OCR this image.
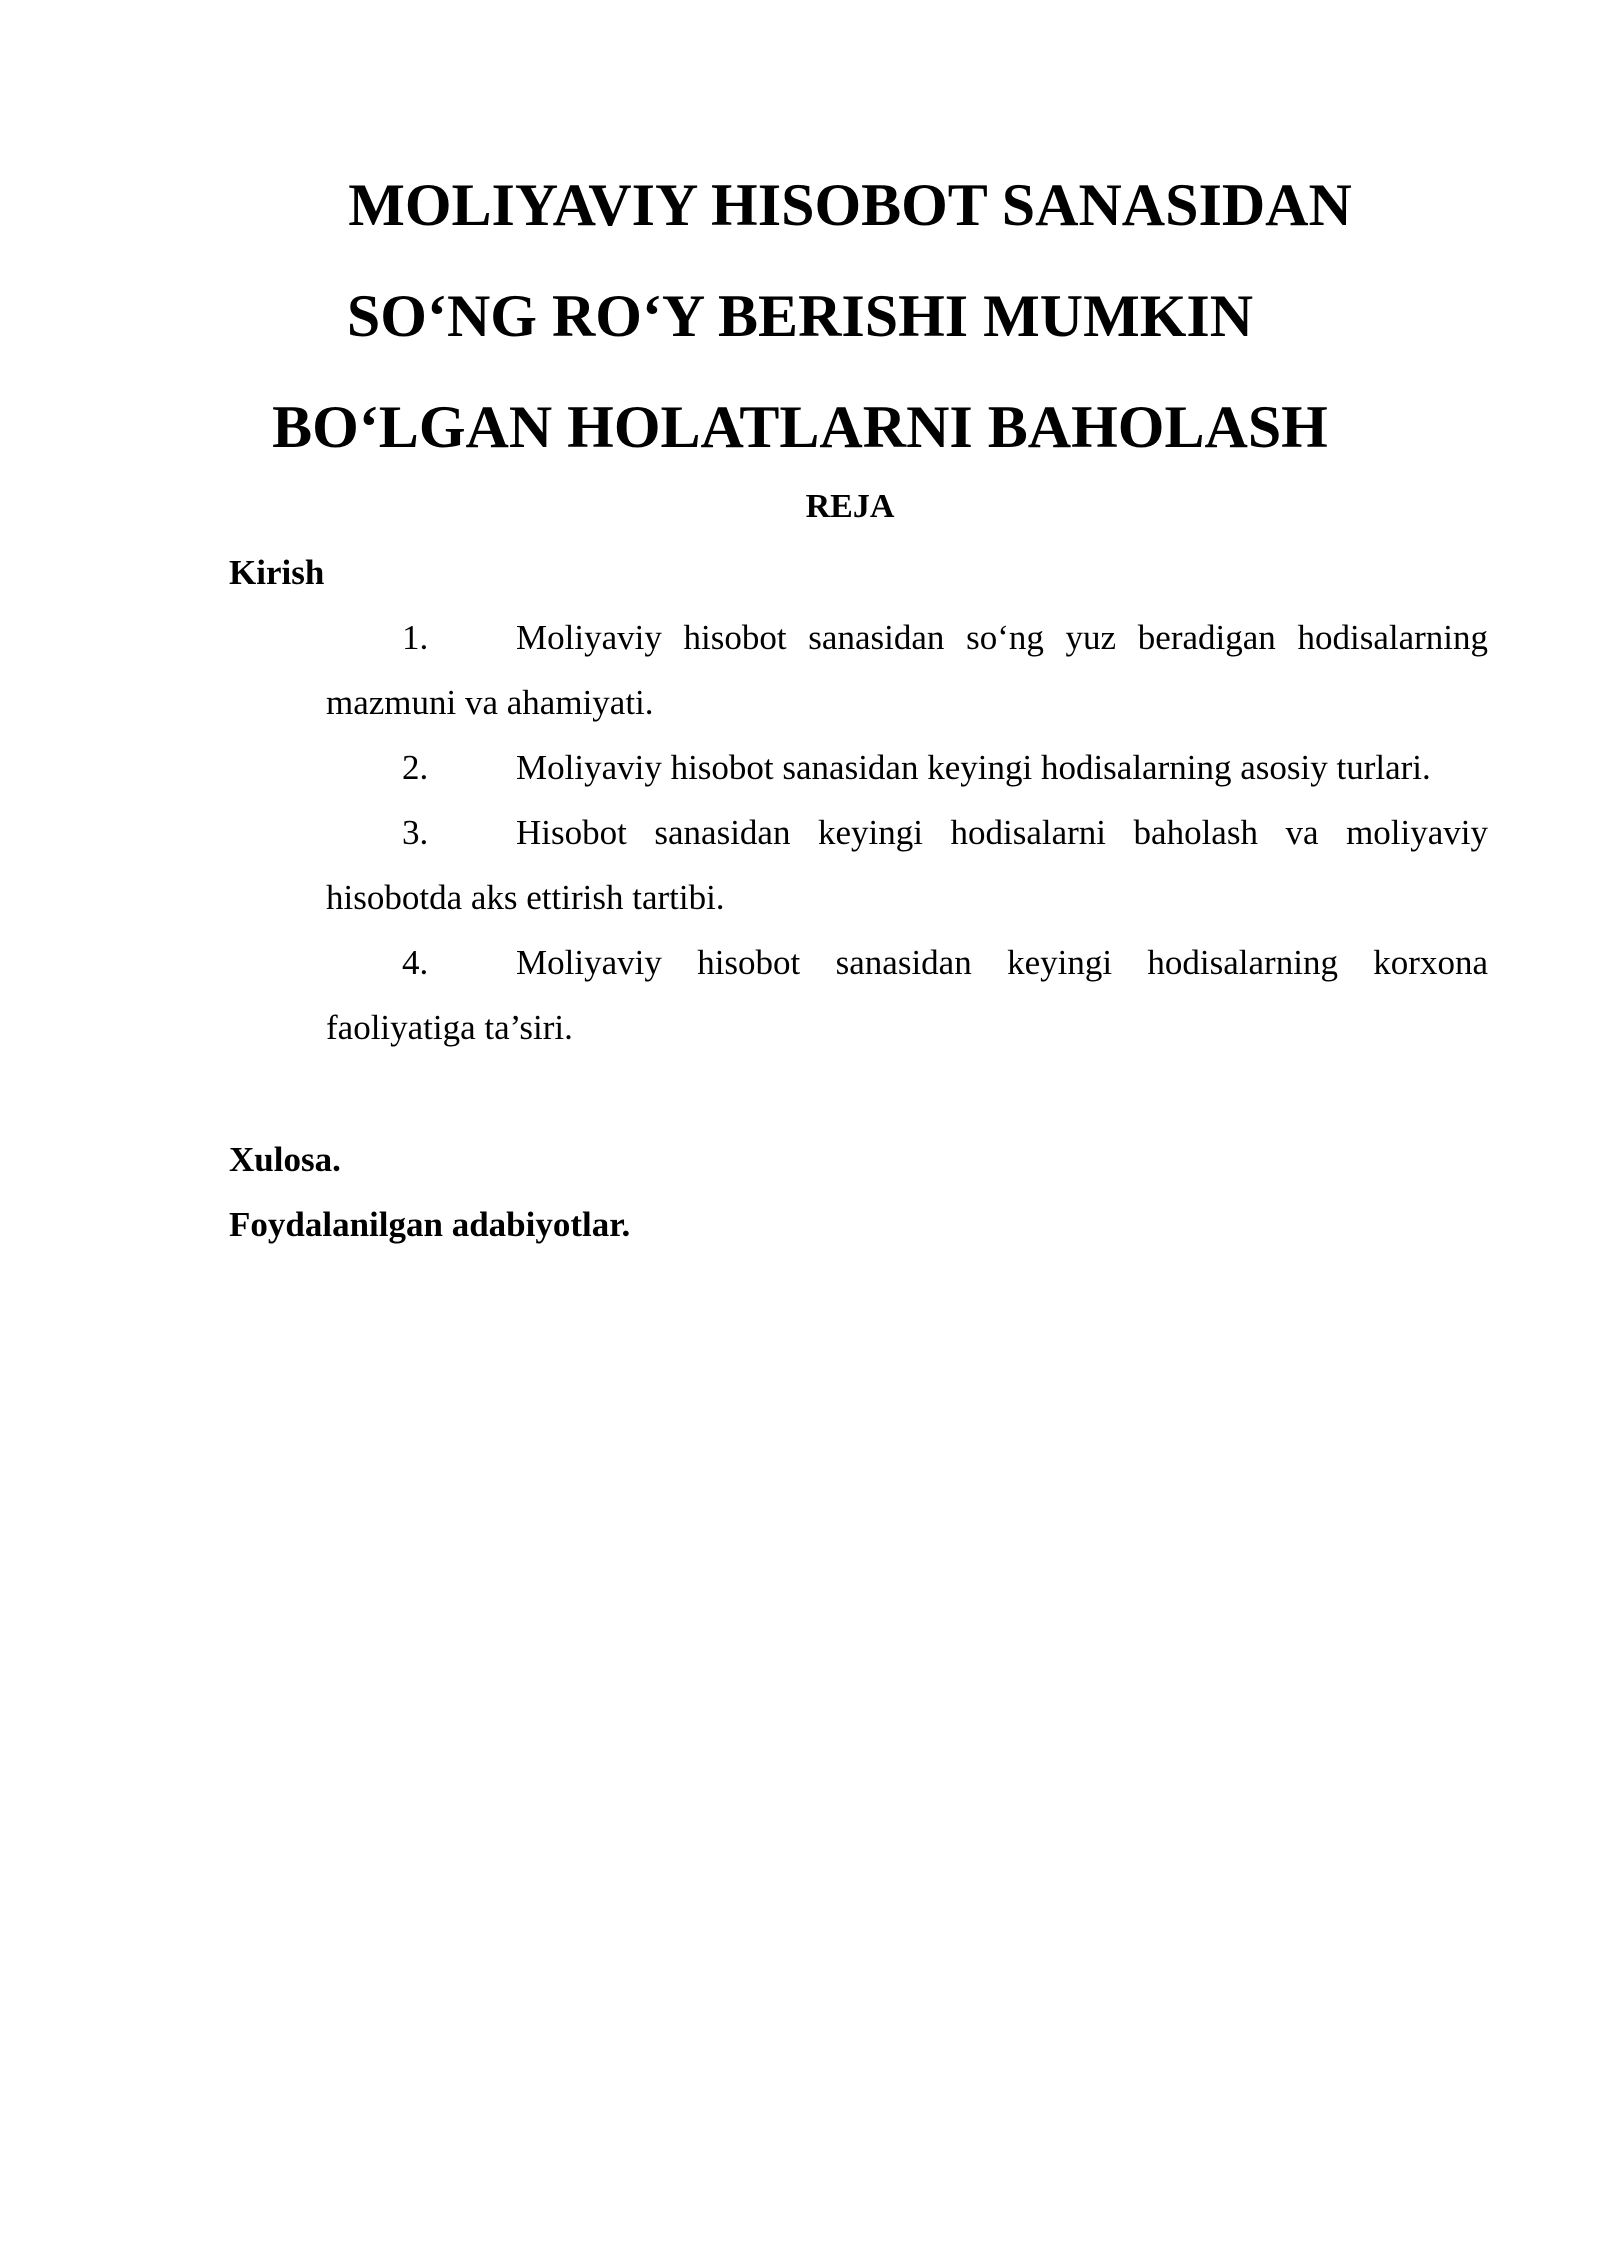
MOLIYAVIY HISOBOT SANASIDAN
SO‘NG RO‘Y BERISHI MUMKIN
BO‘LGAN HOLATLARNI BAHOLASH

REJA

Kirish

1.	Moliyaviy hisobot sanasidan so‘ng yuz beradigan hodisalarning mazmuni va ahamiyati.
2.	Moliyaviy hisobot sanasidan keyingi hodisalarning asosiy turlari.
3.	Hisobot sanasidan keyingi hodisalarni baholash va moliyaviy hisobotda aks ettirish tartibi.
4.	Moliyaviy hisobot sanasidan keyingi hodisalarning korxona faoliyatiga ta’siri.

Xulosa.

Foydalanilgan adabiyotlar.
